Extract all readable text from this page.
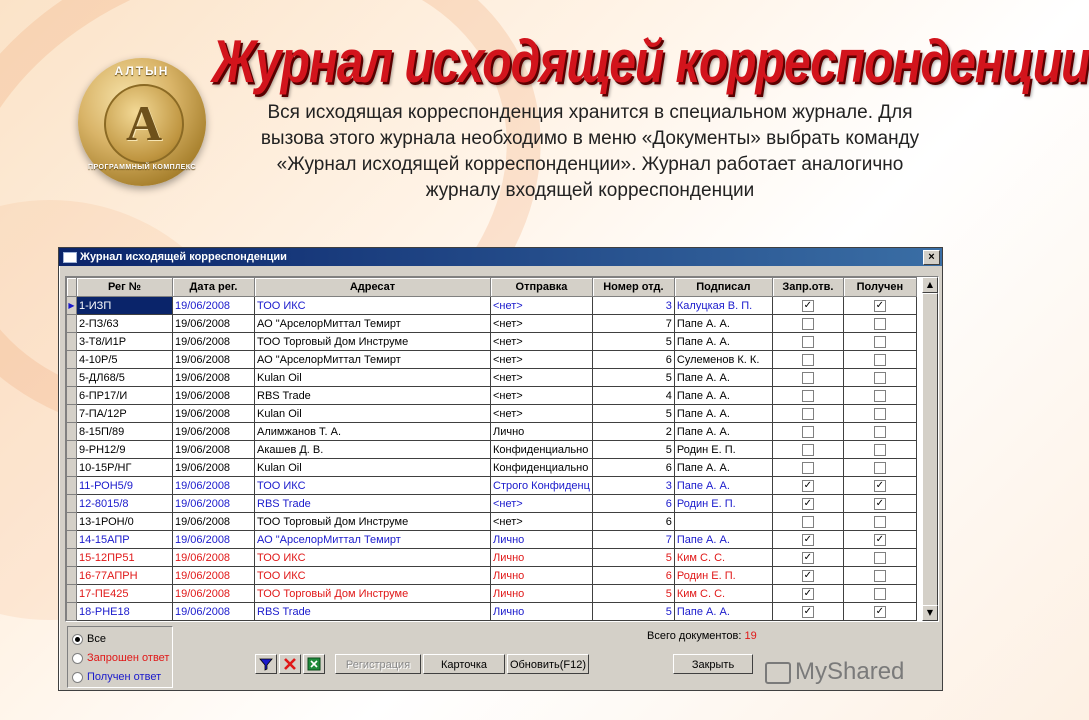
АЛТЫН
А
ПРОГРАММНЫЙ КОМПЛЕКС
Журнал исходящей корреспонденции
Вся исходящая корреспонденция хранится в специальном журнале. Для вызова этого журнала необходимо в меню «Документы» выбрать команду «Журнал исходящей корреспонденции». Журнал работает аналогично журналу входящей корреспонденции
Журнал исходящей корреспонденции	×
	Рег №	Дата рег.	Адресат	Отправка	Номер отд.	Подписал	Запр.отв.	Получен
▶	1-ИЗП	19/06/2008	ТОО ИКС	<нет>	3	Калуцкая В. П.	✓	✓
	2-ПЗ/63	19/06/2008	АО "АрселорМиттал Темирт	<нет>	7	Папе А. А.		
	3-Т8/И1Р	19/06/2008	ТОО Торговый Дом Инструме	<нет>	5	Папе А. А.		
	4-10Р/5	19/06/2008	АО "АрселорМиттал Темирт	<нет>	6	Сулеменов К. К.		
	5-ДЛ68/5	19/06/2008	Kulan Oil	<нет>	5	Папе А. А.		
	6-ПР17/И	19/06/2008	RBS Trade	<нет>	4	Папе А. А.		
	7-ПА/12Р	19/06/2008	Kulan Oil	<нет>	5	Папе А. А.		
	8-15П/89	19/06/2008	Алимжанов Т. А.	Лично	2	Папе А. А.		
	9-РН12/9	19/06/2008	Акашев Д. В.	Конфиденциально	5	Родин Е. П.		
	10-15Р/НГ	19/06/2008	Kulan Oil	Конфиденциально	6	Папе А. А.		
	11-РОН5/9	19/06/2008	ТОО ИКС	Строго Конфиденц	3	Папе А. А.	✓	✓
	12-8015/8	19/06/2008	RBS Trade	<нет>	6	Родин Е. П.	✓	✓
	13-1РОН/0	19/06/2008	ТОО Торговый Дом Инструме	<нет>	6			
	14-15АПР	19/06/2008	АО "АрселорМиттал Темирт	Лично	7	Папе А. А.	✓	✓
	15-12ПР51	19/06/2008	ТОО ИКС	Лично	5	Ким С. С.	✓	
	16-77АПРН	19/06/2008	ТОО ИКС	Лично	6	Родин Е. П.	✓	
	17-ПЕ425	19/06/2008	ТОО Торговый Дом Инструме	Лично	5	Ким С. С.	✓	
	18-РНЕ18	19/06/2008	RBS Trade	Лично	5	Папе А. А.	✓	✓
▲
▼
Все
Запрошен ответ
Получен ответ
Регистрация	Карточка	Обновить(F12)	Закрыть
Всего документов: 19
MyShared
